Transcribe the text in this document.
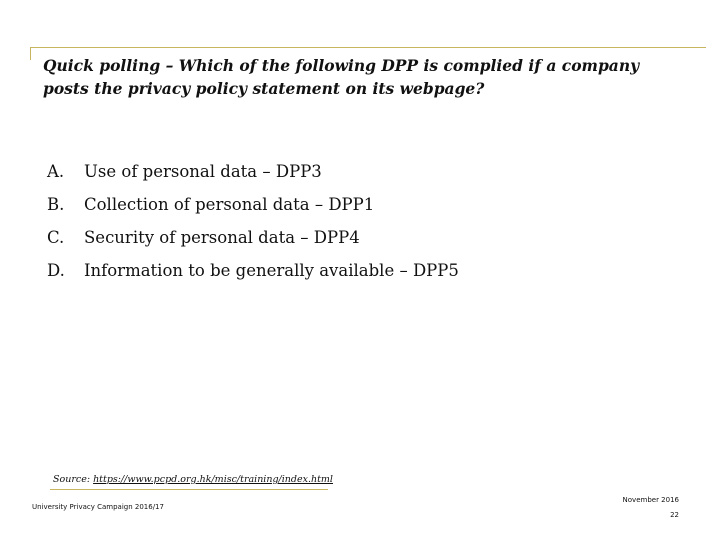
Quick polling – Which of the following DPP is complied if a company posts the privacy policy statement on its webpage?

A.	Use of personal data – DPP3
B.	Collection of personal data – DPP1
C.	Security of personal data – DPP4
D.	Information to be generally available – DPP5
Source: https://www.pcpd.org.hk/misc/training/index.html
University Privacy Campaign 2016/17
November 2016
22
